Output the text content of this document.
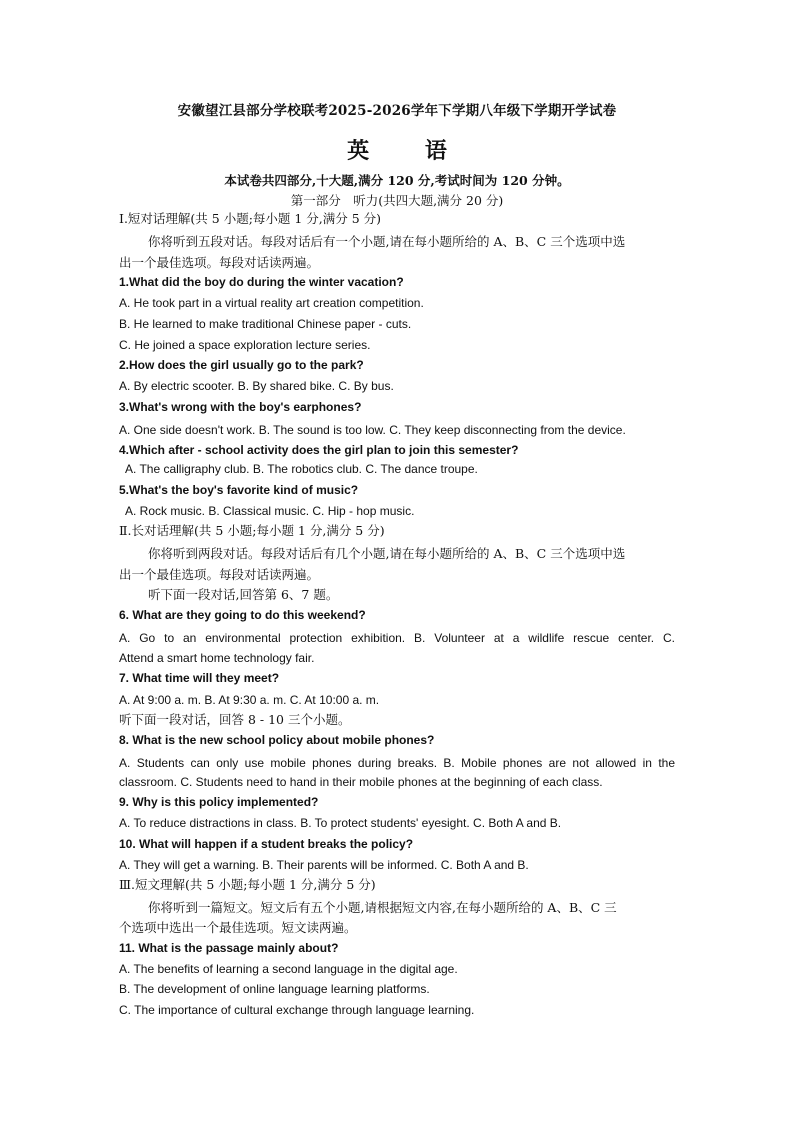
安徽望江县部分学校联考2025-2026学年下学期八年级下学期开学试卷
英 语
本试卷共四部分,十大题,满分 120 分,考试时间为 120 分钟。
第一部分　听力(共四大题,满分 20 分)
Ⅰ.短对话理解(共 5 小题;每小题 1 分,满分 5 分)
你将听到五段对话。每段对话后有一个小题,请在每小题所给的 A、B、C 三个选项中选
出一个最佳选项。每段对话读两遍。
1.What did the boy do during the winter vacation?
A. He took part in a virtual reality art creation competition.
B. He learned to make traditional Chinese paper - cuts.
C. He joined a space exploration lecture series.
2.How does the girl usually go to the park?
A. By electric scooter. B. By shared bike. C. By bus.
3.What's wrong with the boy's earphones?
A. One side doesn't work. B. The sound is too low. C. They keep disconnecting from the device.
4.Which after - school activity does the girl plan to join this semester?
A. The calligraphy club. B. The robotics club. C. The dance troupe.
5.What's the boy's favorite kind of music?
A. Rock music. B. Classical music. C. Hip - hop music.
Ⅱ.长对话理解(共 5 小题;每小题 1 分,满分 5 分)
你将听到两段对话。每段对话后有几个小题,请在每小题所给的 A、B、C 三个选项中选
出一个最佳选项。每段对话读两遍。
听下面一段对话,回答第 6、7 题。
6. What are they going to do this weekend?
A. Go to an environmental protection exhibition. B. Volunteer at a wildlife rescue center. C.
Attend a smart home technology fair.
7. What time will they meet?
A. At 9:00 a. m. B. At 9:30 a. m. C. At 10:00 a. m.
听下面一段对话，回答 8 - 10 三个小题。
8. What is the new school policy about mobile phones?
A. Students can only use mobile phones during breaks. B. Mobile phones are not allowed in the
classroom. C. Students need to hand in their mobile phones at the beginning of each class.
9. Why is this policy implemented?
A. To reduce distractions in class. B. To protect students' eyesight. C. Both A and B.
10. What will happen if a student breaks the policy?
A. They will get a warning. B. Their parents will be informed. C. Both A and B.
Ⅲ.短文理解(共 5 小题;每小题 1 分,满分 5 分)
你将听到一篇短文。短文后有五个小题,请根据短文内容,在每小题所给的 A、B、C 三
个选项中选出一个最佳选项。短文读两遍。
11. What is the passage mainly about?
A. The benefits of learning a second language in the digital age.
B. The development of online language learning platforms.
C. The importance of cultural exchange through language learning.
